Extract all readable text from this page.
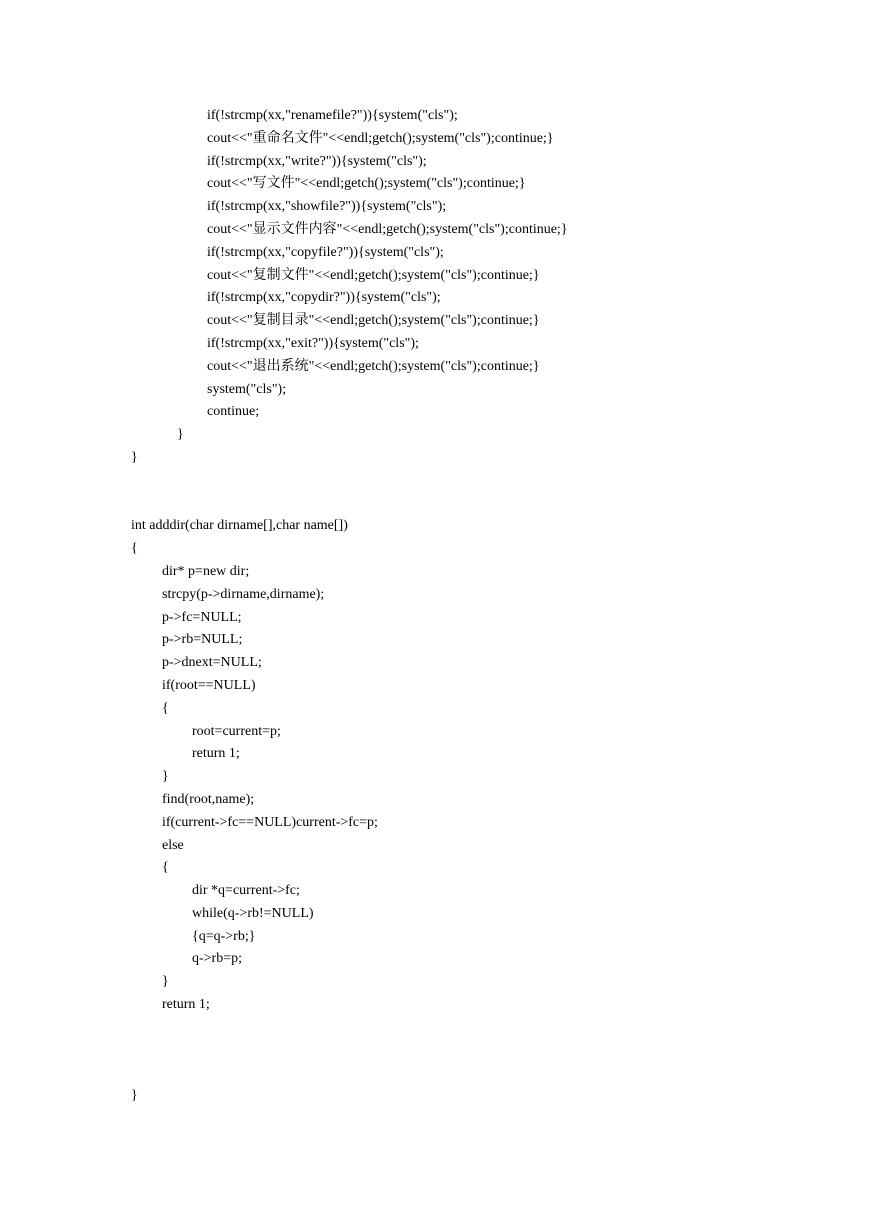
if(!strcmp(xx,"renamefile?")){system("cls");
cout<<"重命名文件"<<endl;getch();system("cls");continue;}
if(!strcmp(xx,"write?")){system("cls");
cout<<"写文件"<<endl;getch();system("cls");continue;}
if(!strcmp(xx,"showfile?")){system("cls");
cout<<"显示文件内容"<<endl;getch();system("cls");continue;}
if(!strcmp(xx,"copyfile?")){system("cls");
cout<<"复制文件"<<endl;getch();system("cls");continue;}
if(!strcmp(xx,"copydir?")){system("cls");
cout<<"复制目录"<<endl;getch();system("cls");continue;}
if(!strcmp(xx,"exit?")){system("cls");
cout<<"退出系统"<<endl;getch();system("cls");continue;}
system("cls");
continue;
}
}
int adddir(char dirname[],char name[])
{
dir* p=new dir;
strcpy(p->dirname,dirname);
p->fc=NULL;
p->rb=NULL;
p->dnext=NULL;
if(root==NULL)
{
root=current=p;
return 1;
}
find(root,name);
if(current->fc==NULL)current->fc=p;
else
{
dir *q=current->fc;
while(q->rb!=NULL)
{q=q->rb;}
q->rb=p;
}
return 1;
}
